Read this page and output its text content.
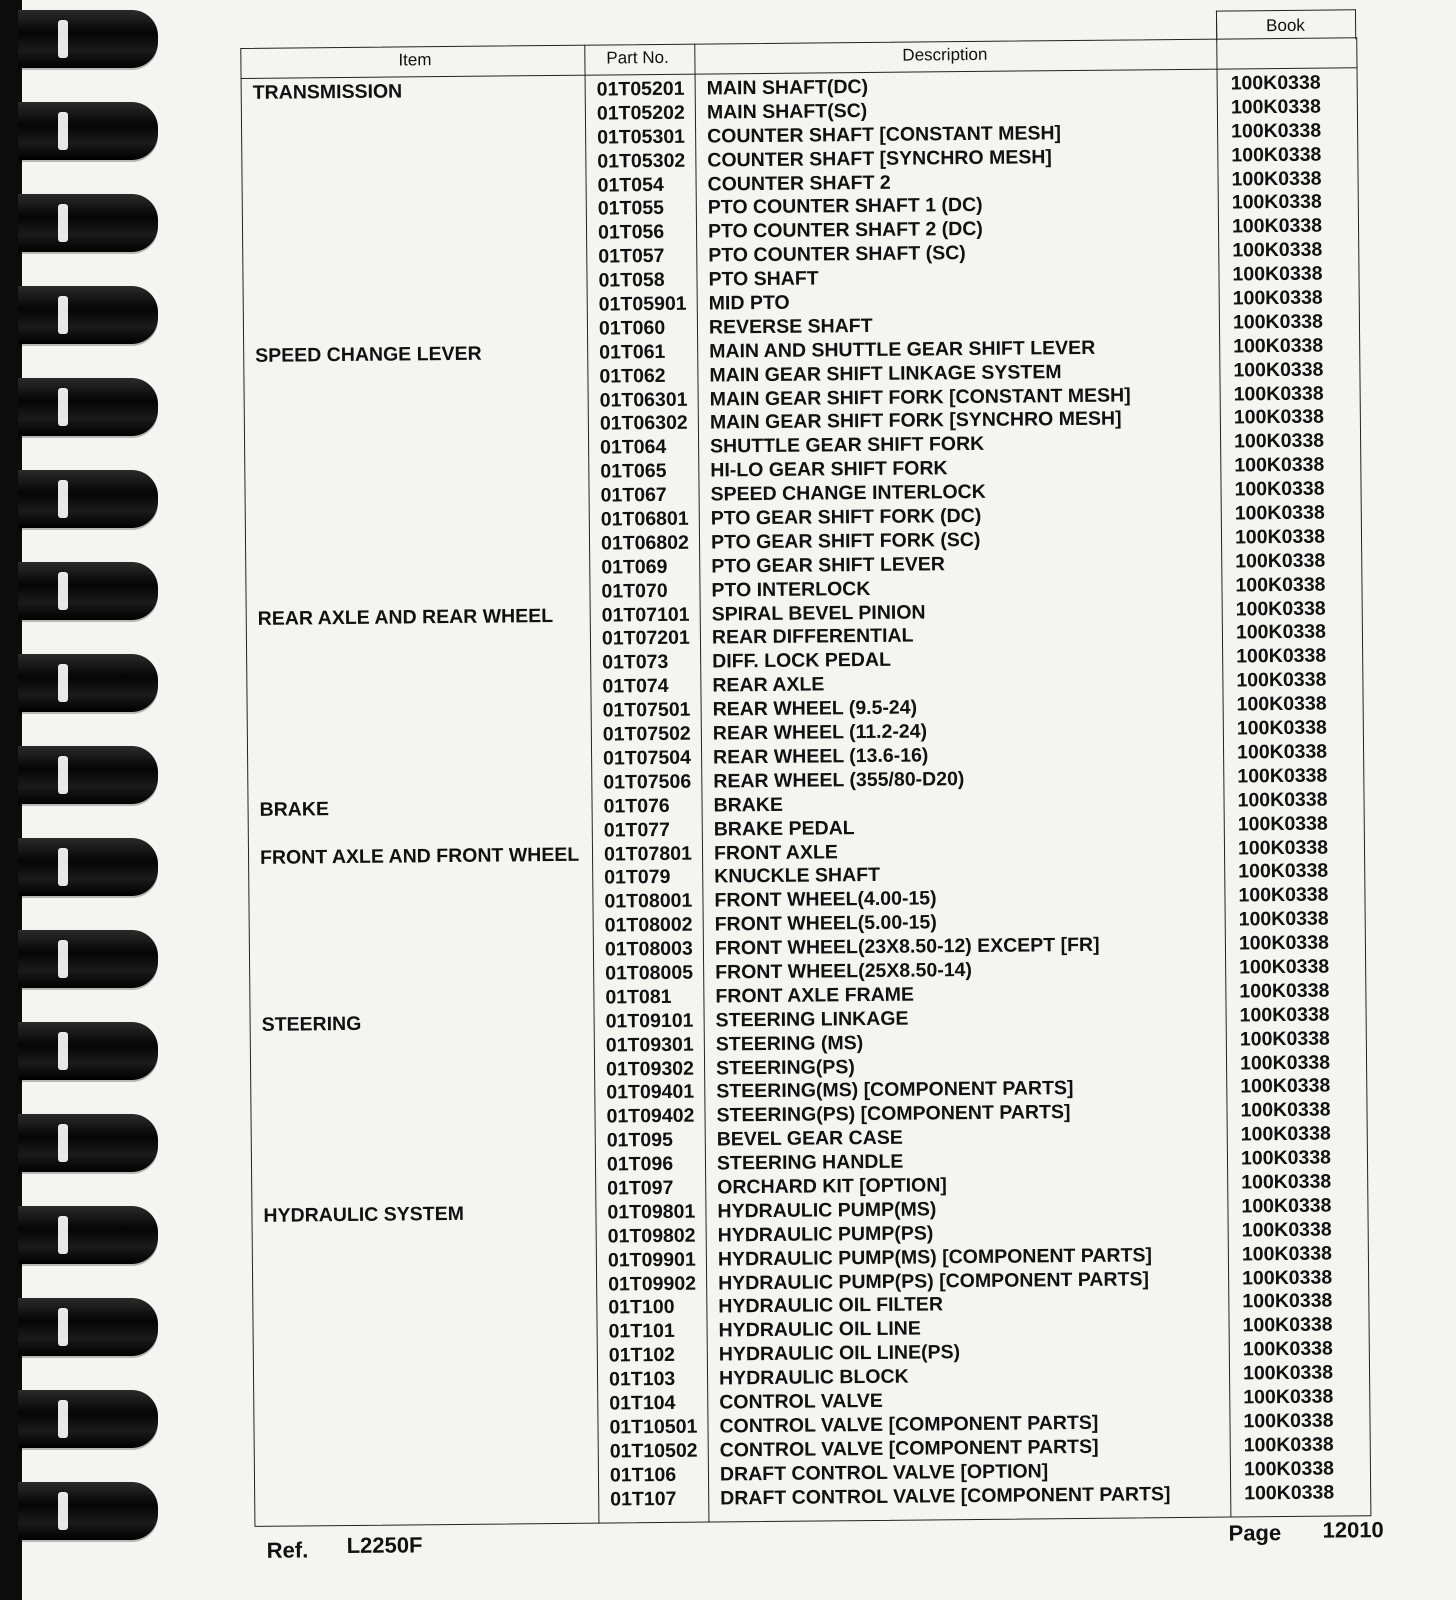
Item	Part No.	Description
Book
TRANSMISSION	01T05201 MAIN SHAFT(DC)	100K0338
01T05202 MAIN SHAFT(SC)	100K0338
01T05301 COUNTER SHAFT [CONSTANT MESH]	100K0338
01T05302 COUNTER SHAFT [SYNCHRO MESH]	100K0338
01T054 COUNTER SHAFT 2	100K0338
01T055 PTO COUNTER SHAFT 1 (DC)	100K0338
01T056 PTO COUNTER SHAFT 2 (DC)	100K0338
01T057 PTO COUNTER SHAFT (SC)	100K0338
01T058 PTO SHAFT	100K0338
01T05901 MID PTO	100K0338
01T060 REVERSE SHAFT	100K0338
SPEED CHANGE LEVER	01T061 MAIN AND SHUTTLE GEAR SHIFT LEVER	100K0338
01T062 MAIN GEAR SHIFT LINKAGE SYSTEM	100K0338
01T06301 MAIN GEAR SHIFT FORK [CONSTANT MESH]	100K0338
01T06302 MAIN GEAR SHIFT FORK [SYNCHRO MESH]	100K0338
01T064 SHUTTLE GEAR SHIFT FORK	100K0338
01T065 HI-LO GEAR SHIFT FORK	100K0338
01T067 SPEED CHANGE INTERLOCK	100K0338
01T06801 PTO GEAR SHIFT FORK (DC)	100K0338
01T06802 PTO GEAR SHIFT FORK (SC)	100K0338
01T069 PTO GEAR SHIFT LEVER	100K0338
01T070 PTO INTERLOCK	100K0338
REAR AXLE AND REAR WHEEL 01T07101 SPIRAL BEVEL PINION	100K0338
01T07201 REAR DIFFERENTIAL	100K0338
01T073 DIFF. LOCK PEDAL	100K0338
01T074 REAR AXLE	100K0338
01T07501 REAR WHEEL (9.5-24)	100K0338
01T07502 REAR WHEEL (11.2-24)	100K0338
01T07504 REAR WHEEL (13.6-16)	100K0338
01T07506 REAR WHEEL (355/80-D20)	100K0338
BRAKE	01T076 BRAKE	100K0338
01T077 BRAKE PEDAL	100K0338
FRONT AXLE AND FRONT WHEEL 01T07801 FRONT AXLE	100K0338
01T079 KNUCKLE SHAFT	100K0338
01T08001 FRONT WHEEL(4.00-15)	100K0338
01T08002 FRONT WHEEL(5.00-15)	100K0338
01T08003 FRONT WHEEL(23X8.50-12) EXCEPT [FR]	100K0338
01T08005 FRONT WHEEL(25X8.50-14)	100K0338
01T081 FRONT AXLE FRAME	100K0338
STEERING	01T09101 STEERING LINKAGE	100K0338
01T09301 STEERING (MS)	100K0338
01T09302 STEERING(PS)	100K0338
01T09401 STEERING(MS) [COMPONENT PARTS]	100K0338
01T09402 STEERING(PS) [COMPONENT PARTS]	100K0338
01T095 BEVEL GEAR CASE	100K0338
01T096 STEERING HANDLE	100K0338
01T097 ORCHARD KIT [OPTION]	100K0338
HYDRAULIC SYSTEM	01T09801 HYDRAULIC PUMP(MS)	100K0338
01T09802 HYDRAULIC PUMP(PS)	100K0338
01T09901 HYDRAULIC PUMP(MS) [COMPONENT PARTS]	100K0338
01T09902 HYDRAULIC PUMP(PS) [COMPONENT PARTS]	100K0338
01T100 HYDRAULIC OIL FILTER	100K0338
01T101 HYDRAULIC OIL LINE	100K0338
01T102 HYDRAULIC OIL LINE(PS)	100K0338
01T103 HYDRAULIC BLOCK	100K0338
01T104 CONTROL VALVE	100K0338
01T10501 CONTROL VALVE [COMPONENT PARTS]	100K0338
01T10502 CONTROL VALVE [COMPONENT PARTS]	100K0338
01T106 DRAFT CONTROL VALVE [OPTION]	100K0338
01T107 DRAFT CONTROL VALVE [COMPONENT PARTS]	100K0338
Ref. L2250F	Page 12010
